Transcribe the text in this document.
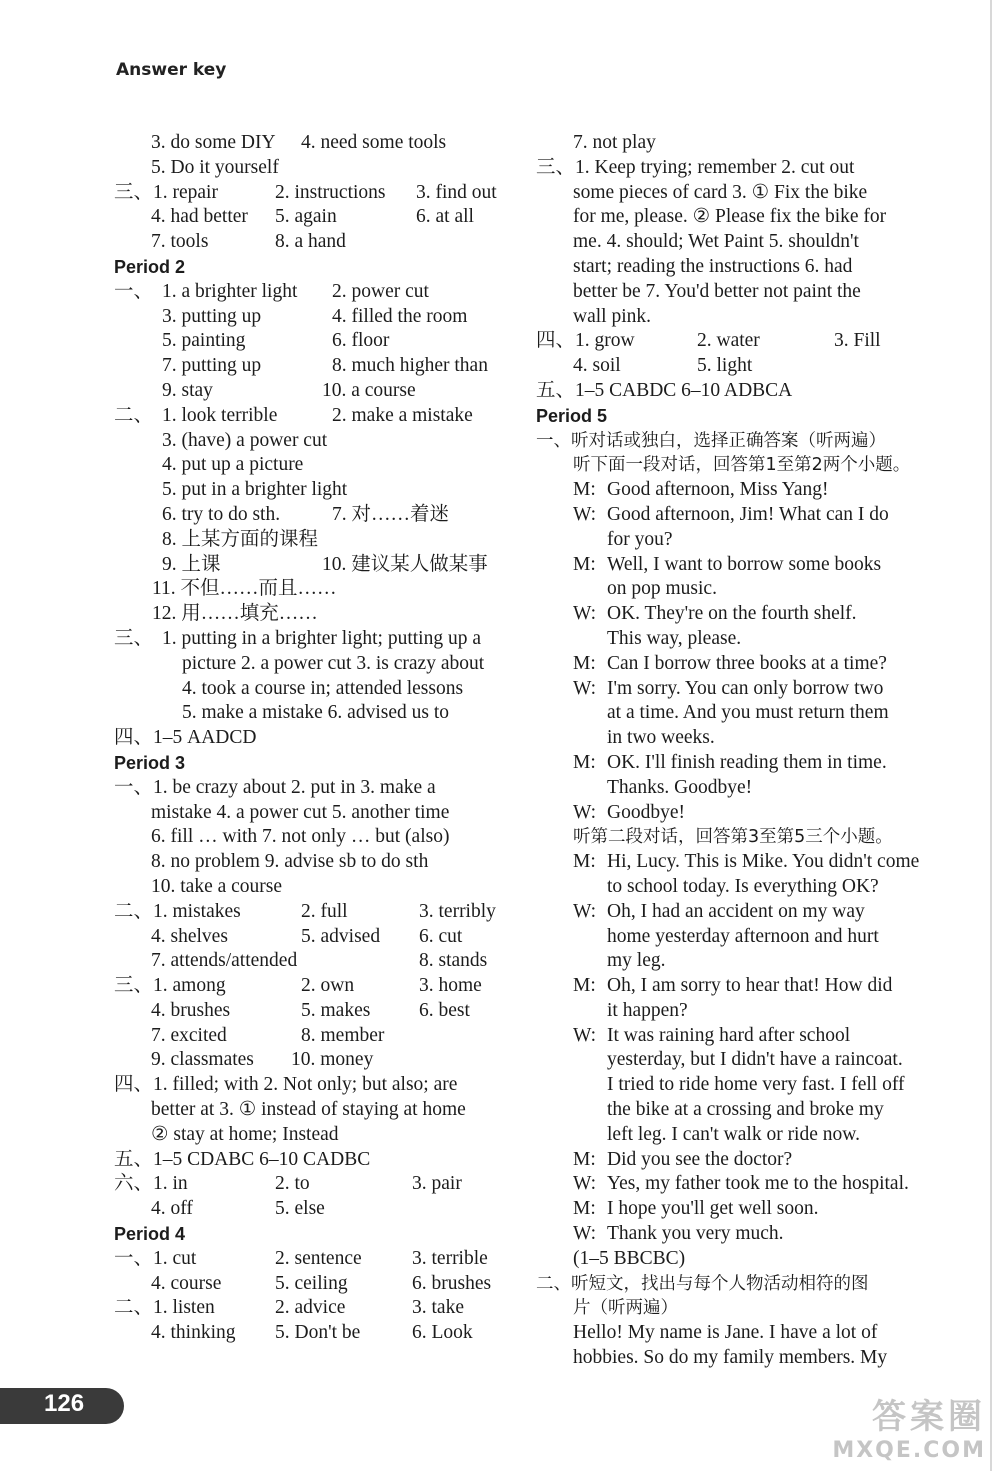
Answer key
3. do some DIY 4. need some tools
5. Do it yourself
三、1. repair	2. instructions 3. find out
4. had better 5. again	6. at all
7. tools	8. a hand
Period 2
一、 1. a brighter light 2. power cut
3. putting up	4. filled the room
5. painting	6. floor
7. putting up	8. much higher than
9. stay	10. a course
二、 1. look terrible	2. make a mistake
3. (have) a power cut
4. put up a picture
5. put in a brighter light
6. try to do sth.	7. 对……着迷
8. 上某方面的课程
9. 上课	10. 建议某人做某事
11. 不但……而且……
12. 用……填充……
三、 1. putting in a brighter light; putting up a
picture 2. a power cut 3. is crazy about
4. took a course in; attended lessons
5. make a mistake 6. advised us to
四、1–5 AADCD
Period 3
一、1. be crazy about 2. put in 3. make a
mistake 4. a power cut 5. another time
6. fill … with 7. not only … but (also)
8. no problem 9. advise sb to do sth
10. take a course
二、1. mistakes	2. full	3. terribly
4. shelves	5. advised 6. cut
7. attends/attended	8. stands
三、1. among	2. own	3. home
4. brushes	5. makes 6. best
7. excited	8. member
9. classmates 10. money
四、1. filled; with 2. Not only; but also; are
better at 3. ① instead of staying at home
② stay at home; Instead
五、1–5 CDABC 6–10 CADBC
六、1. in	2. to	3. pair
4. off	5. else
Period 4
一、1. cut	2. sentence	3. terrible
4. course	5. ceiling	6. brushes
二、1. listen	2. advice	3. take
4. thinking 5. Don't be	6. Look
7. not play
三、1. Keep trying; remember 2. cut out
some pieces of card 3. ① Fix the bike
for me, please. ② Please fix the bike for
me. 4. should; Wet Paint 5. shouldn't
start; reading the instructions 6. had
better be 7. You'd better not paint the
wall pink.
四、1. grow	2. water	3. Fill
4. soil	5. light
五、1–5 CABDC 6–10 ADBCA
Period 5
一、听对话或独白，选择正确答案（听两遍）
听下面一段对话，回答第1至第2两个小题。
M: Good afternoon, Miss Yang!
W: Good afternoon, Jim! What can I do
for you?
M: Well, I want to borrow some books
on pop music.
W: OK. They're on the fourth shelf.
This way, please.
M: Can I borrow three books at a time?
W: I'm sorry. You can only borrow two
at a time. And you must return them
in two weeks.
M: OK. I'll finish reading them in time.
Thanks. Goodbye!
W: Goodbye!
听第二段对话，回答第3至第5三个小题。
M: Hi, Lucy. This is Mike. You didn't come
to school today. Is everything OK?
W: Oh, I had an accident on my way
home yesterday afternoon and hurt
my leg.
M: Oh, I am sorry to hear that! How did
it happen?
W: It was raining hard after school
yesterday, but I didn't have a raincoat.
I tried to ride home very fast. I fell off
the bike at a crossing and broke my
left leg. I can't walk or ride now.
M: Did you see the doctor?
W: Yes, my father took me to the hospital.
M: I hope you'll get well soon.
W: Thank you very much.
(1–5 BBCBC)
二、听短文，找出与每个人物活动相符的图
片（听两遍）
Hello! My name is Jane. I have a lot of
hobbies. So do my family members. My
126	答案圈
MXQE.COM
